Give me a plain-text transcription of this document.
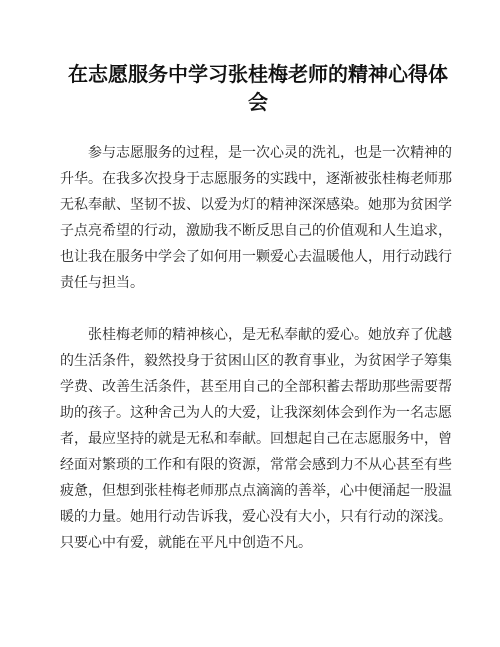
在志愿服务中学习张桂梅老师的精神心得体会

参与志愿服务的过程，是一次心灵的洗礼，也是一次精神的升华。在我多次投身于志愿服务的实践中，逐渐被张桂梅老师那无私奉献、坚韧不拔、以爱为灯的精神深深感染。她那为贫困学子点亮希望的行动，激励我不断反思自己的价值观和人生追求，也让我在服务中学会了如何用一颗爱心去温暖他人，用行动践行责任与担当。

张桂梅老师的精神核心，是无私奉献的爱心。她放弃了优越的生活条件，毅然投身于贫困山区的教育事业，为贫困学子筹集学费、改善生活条件，甚至用自己的全部积蓄去帮助那些需要帮助的孩子。这种舍己为人的大爱，让我深刻体会到作为一名志愿者，最应坚持的就是无私和奉献。回想起自己在志愿服务中，曾经面对繁琐的工作和有限的资源，常常会感到力不从心甚至有些疲惫，但想到张桂梅老师那点点滴滴的善举，心中便涌起一股温暖的力量。她用行动告诉我，爱心没有大小，只有行动的深浅。只要心中有爱，就能在平凡中创造不凡。
